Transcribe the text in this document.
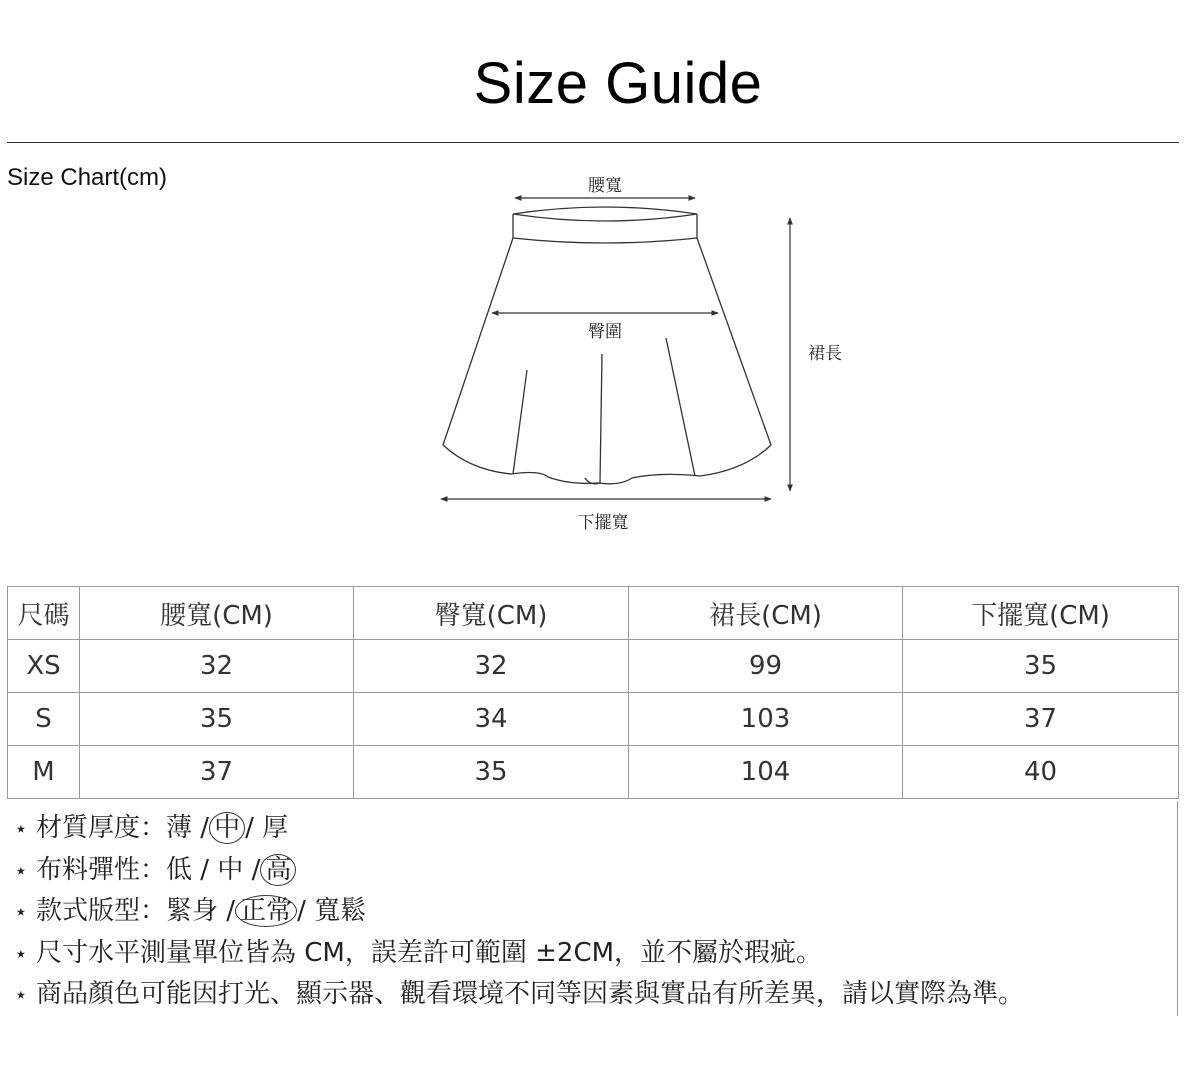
Size Guide
Size Chart(cm)	腰寬
臀圍
裙長
下擺寬
尺碼	腰寬(CM)	臀寬(CM)	裙長(CM)	下擺寬(CM)
XS	32	32	99	35
S	35	34	103	37
M	37	35	104	40
⋆ 材質厚度：薄 / 中 / 厚
⋆ 布料彈性：低 / 中 / 高
⋆ 款式版型：緊身 / 正常 / 寬鬆
⋆ 尺寸水平測量單位皆為 CM，誤差許可範圍 ±2CM，並不屬於瑕疵。
⋆ 商品顏色可能因打光、顯示器、觀看環境不同等因素與實品有所差異，請以實際為準。
